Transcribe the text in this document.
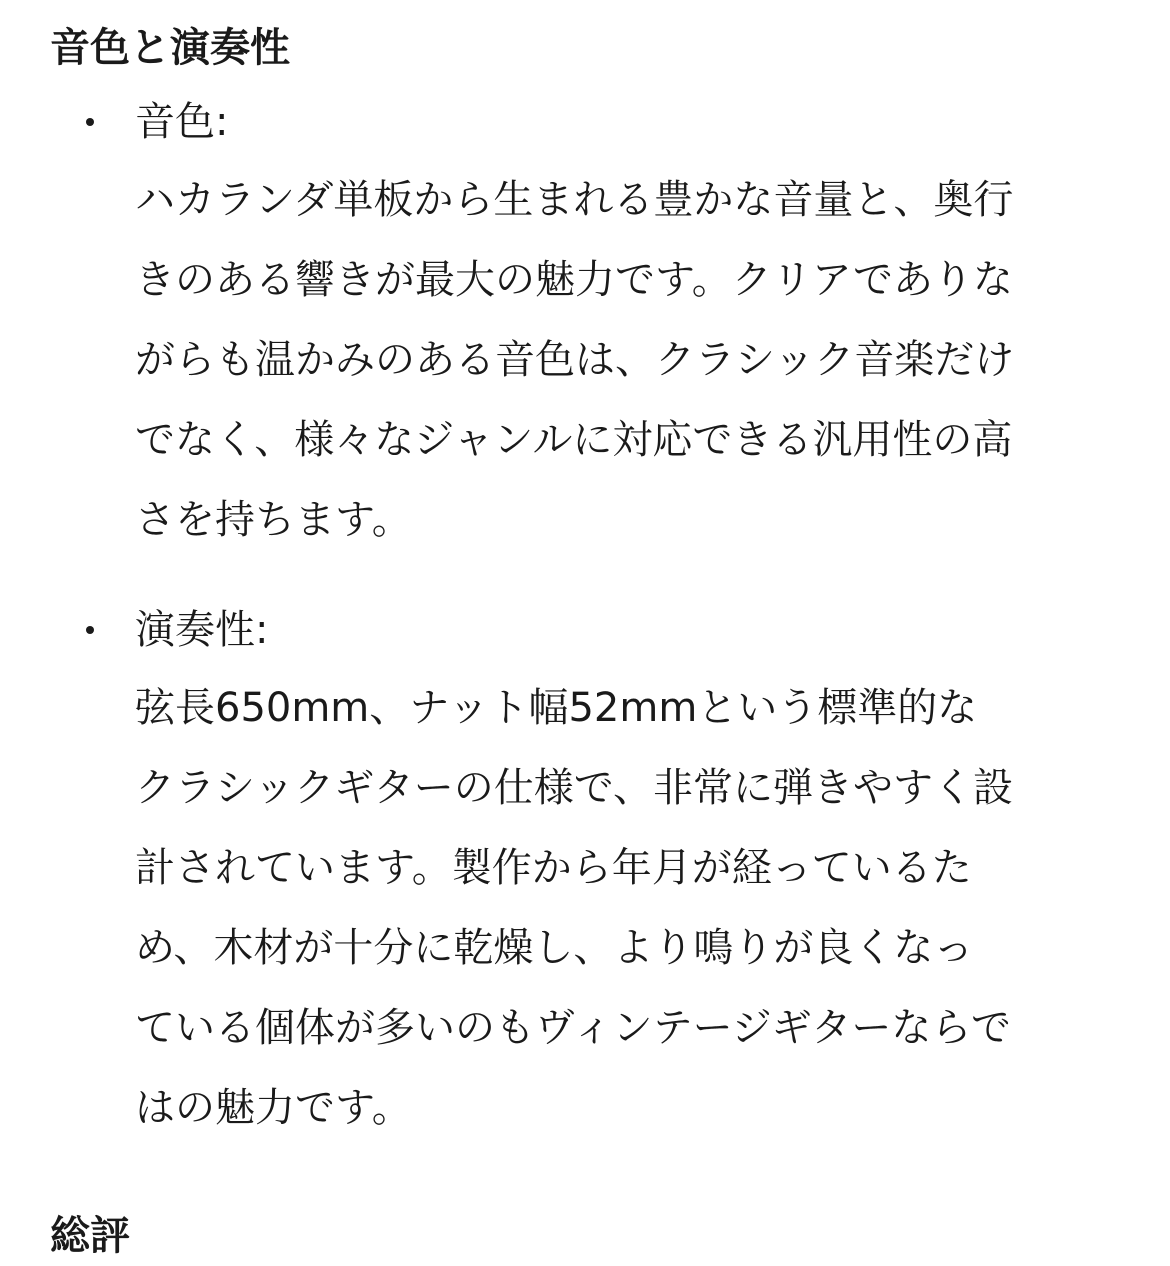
音色と演奏性
音色:

ハカランダ単板から生まれる豊かな音量と、奥行
きのある響きが最大の魅力です。クリアでありな
がらも温かみのある音色は、クラシック音楽だけ
でなく、様々なジャンルに対応できる汎用性の高
さを持ちます。

演奏性:

弦長650mm、ナット幅52mmという標準的な
クラシックギターの仕様で、非常に弾きやすく設
計されています。製作から年月が経っているた
め、木材が十分に乾燥し、より鳴りが良くなっ
ている個体が多いのもヴィンテージギターならで
はの魅力です。

総評
